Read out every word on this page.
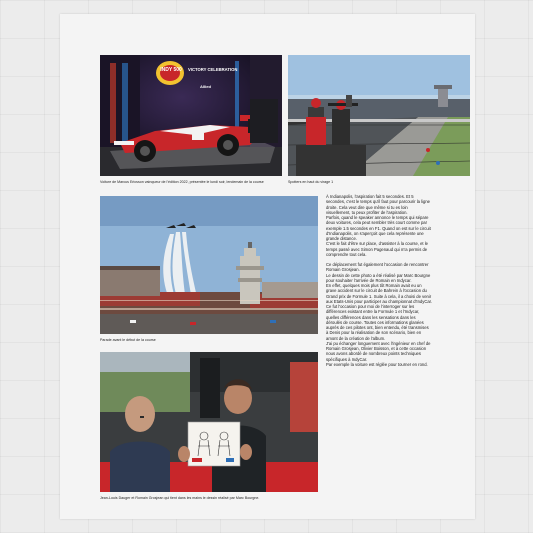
INDY 500	VICTORY CELEBRATION
Allied
Voiture de Marcus Ericsson vainqueur de l'édition 2022, présentée le lundi soir, lendemain de la course	Spotters en haut du virage 1
Parade avant le début de la course
Jean-Louis Dauger et Romain Grosjean qui tient dans les mains le dessin réalisé par Marc Bourgne.

À Indianapolis, l'aspiration fait 5 secondes. Et 5 secondes, c'est le temps qu'il faut pour parcourir la ligne droite. Cela veut dire que même si tu es loin visuellement, tu peux profiter de l'aspiration.

Parfois, quand le speaker annonce le temps qui sépare deux voitures, cela peut sembler très court comme par exemple 1.5 secondes en F1. Quand on est sur le circuit d'Indianapolis, on s'aperçoit que cela représente une grande distance.

C'est le fait d'être sur place, d'assister à la course, et le temps passé avec Simon Pagenaud qui m'a permis de comprendre tout cela.

Ce déplacement fut également l'occasion de rencontrer Romain Grosjean.

Le dessin de cette photo a été réalisé par Marc Bourgne pour souhaiter l'arrivée de Romain en Indycar.

En effet, quelques mois plus tôt Romain avait eu un grave accident sur le circuit de Bahrein à l'occasion du Grand prix de Formule 1. Suite à cela, il a choisi de venir aux Etats-Unis pour participer au championnat d'IndyCar.

Ce fut l'occasion pour moi de l'interroger sur les différences existant entre la Formule 1 et l'Indycar, quelles différences dans les sensations dans les déroulés de course. Toutes ces informations glanées auprès de ces pilotes ont, bien entendu, été transmises à Denis pour la réalisation de son scénario, bien en amont de la création de l'album.

J'ai pu échanger longuement avec l'ingénieur en chef de Romain Grosjean, Olivier Boisson, et à cette occasion nous avons abordé de nombreux points techniques spécifiques à IndyCar.

Par exemple la voiture est réglée pour tourner en rond.
